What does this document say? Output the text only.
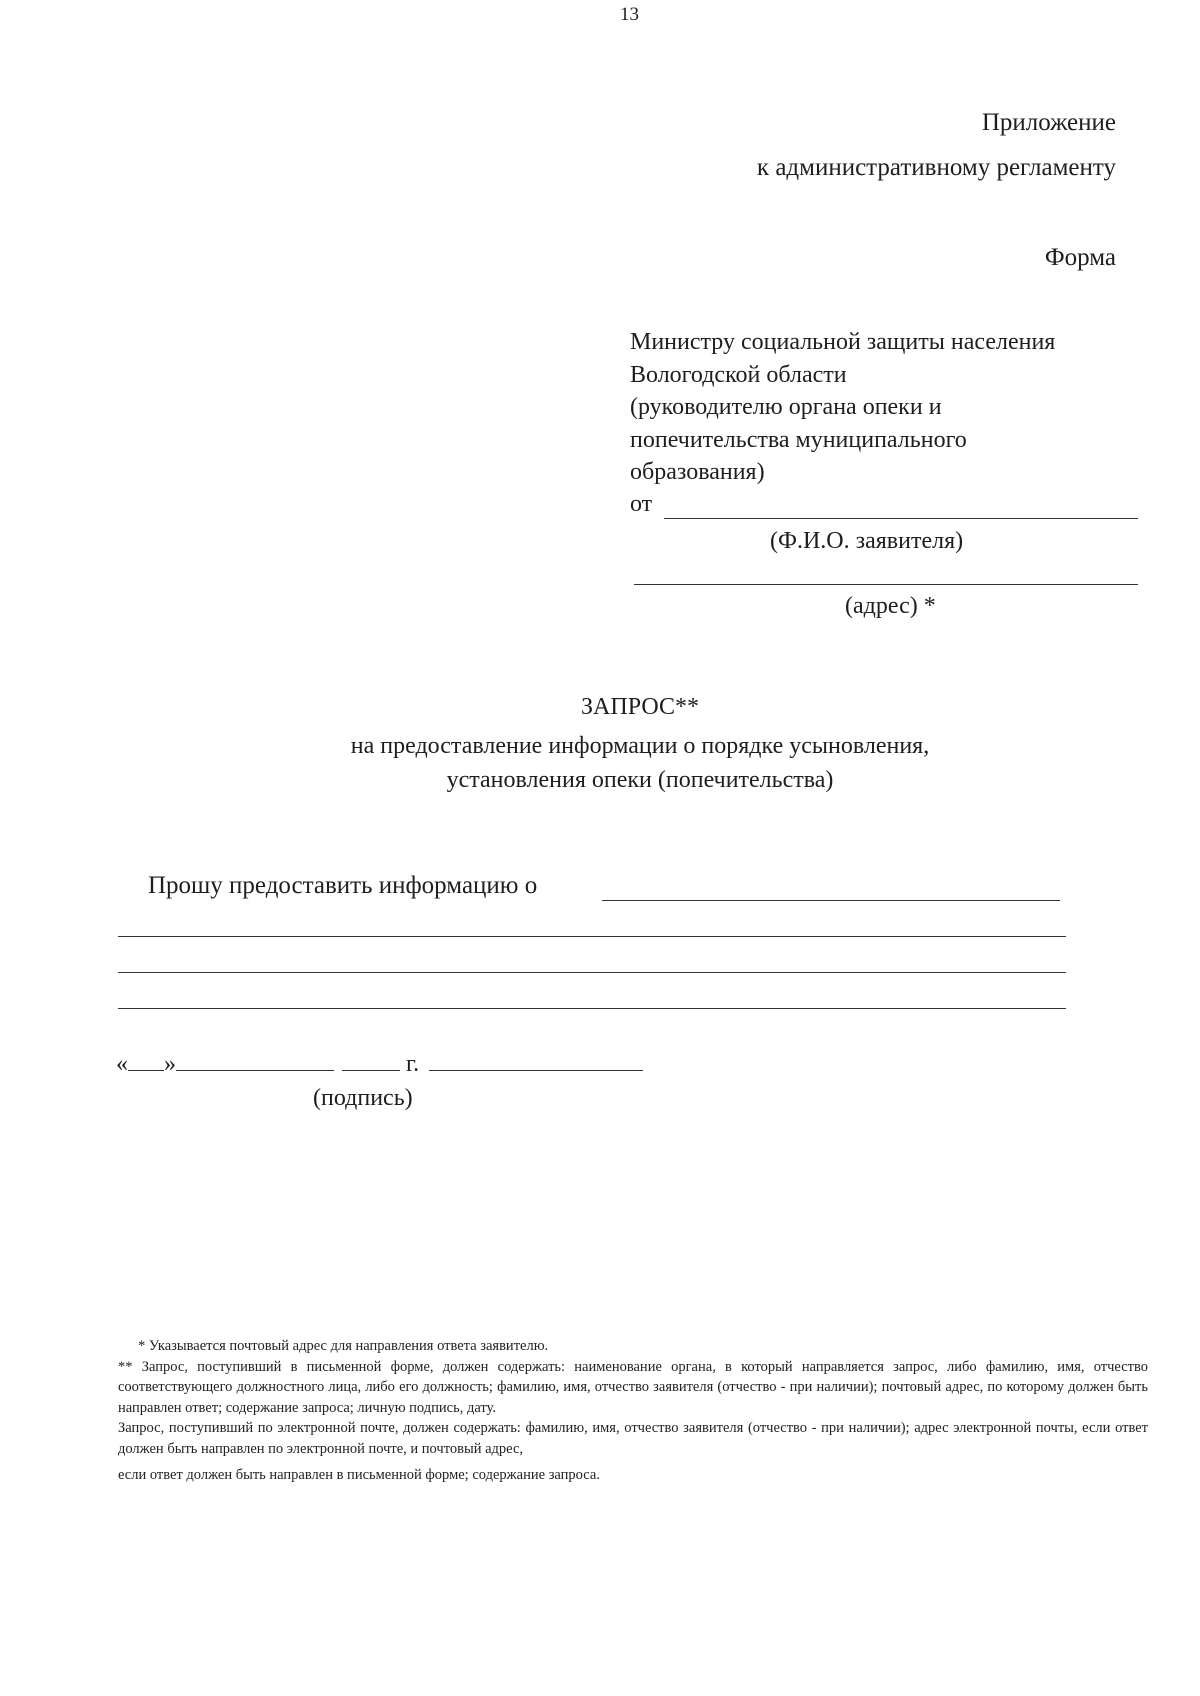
13
Приложение
к административному регламенту
Форма
Министру социальной защиты населения
Вологодской области
(руководителю органа опеки и
попечительства муниципального
образования)
от
(Ф.И.О. заявителя)
(адрес) *
ЗАПРОС**
на предоставление информации о порядке усыновления,
установления опеки (попечительства)
Прошу предоставить информацию о
« »	г.
(подпись)

* Указывается почтовый адрес для направления ответа заявителю.

** Запрос, поступивший в письменной форме, должен содержать: наименование органа, в который направляется запрос, либо фамилию, имя, отчество соответствующего должностного лица, либо его должность; фамилию, имя, отчество заявителя (отчество - при наличии); почтовый адрес, по которому должен быть направлен ответ; содержание запроса; личную подпись, дату.

Запрос, поступивший по электронной почте, должен содержать: фамилию, имя, отчество заявителя (отчество - при наличии); адрес электронной почты, если ответ должен быть направлен по электронной почте, и почтовый адрес,

если ответ должен быть направлен в письменной форме; содержание запроса.
